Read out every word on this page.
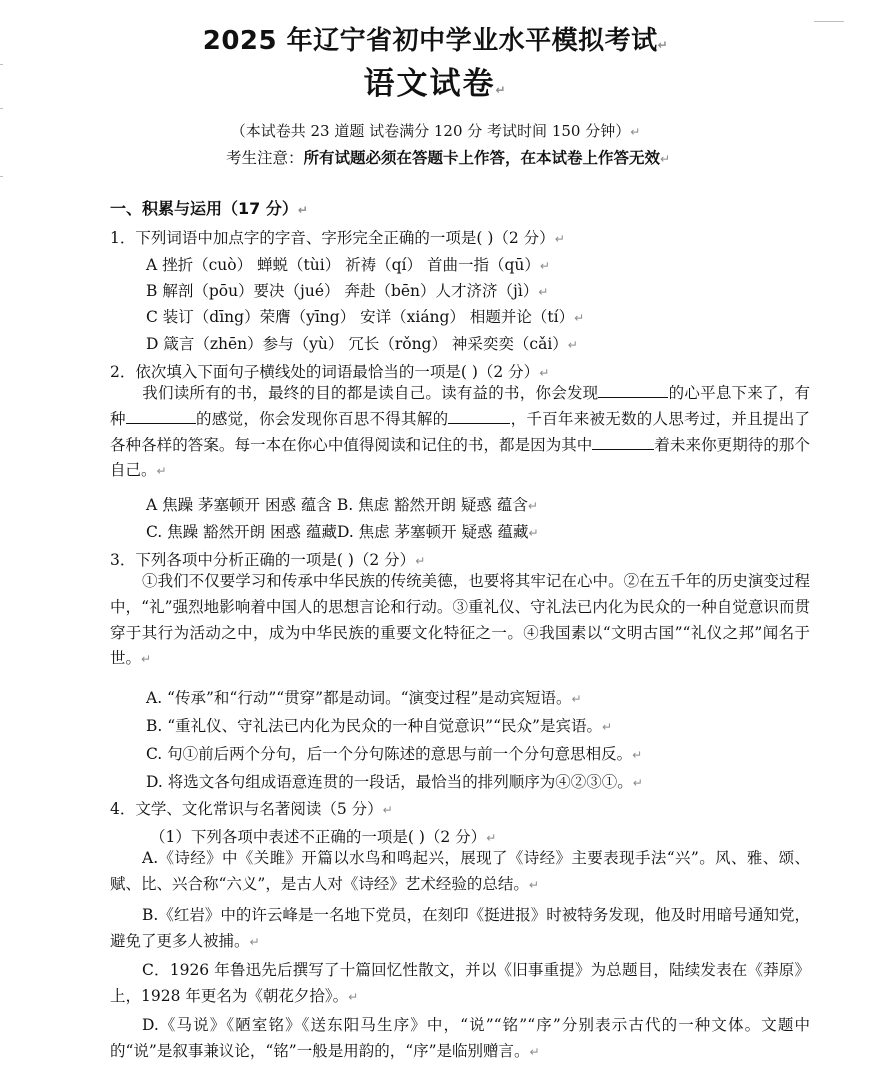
2025 年辽宁省初中学业水平模拟考试↵
语文试卷↵
（本试卷共 23 道题 试卷满分 120 分 考试时间 150 分钟）↵
考生注意：所有试题必须在答题卡上作答，在本试卷上作答无效↵
一、积累与运用（17 分）↵
1．下列词语中加点字的字音、字形完全正确的一项是( )（2 分）↵
A 挫折（cuò） 蝉蜕（tùi） 祈祷（qí） 首曲一指（qū）↵
B 解剖（pōu）要决（jué） 奔赴（bēn）人才济济（jì）↵
C 装订（dīng）荣膺（yīng） 安详（xiáng） 相题并论（tí）↵
D 箴言（zhēn）参与（yù） 冗长（rǒng） 神采奕奕（cǎi）↵
2．依次填入下面句子横线处的词语最恰当的一项是( )（2 分）↵
我们读所有的书，最终的目的都是读自己。读有益的书，你会发现	的心平息下来了，有种	的感觉，你会发现你百思不得其解的	，千百年来被无数的人思考过，并且提出了各种各样的答案。每一本在你心中值得阅读和记住的书，都是因为其中	着未来你更期待的那个自己。↵
A 焦躁 茅塞顿开 困惑 蕴含 B. 焦虑 豁然开朗 疑惑 蕴含↵
C. 焦躁 豁然开朗 困惑 蕴藏D. 焦虑 茅塞顿开 疑惑 蕴藏↵
3．下列各项中分析正确的一项是( )（2 分）↵
①我们不仅要学习和传承中华民族的传统美德，也要将其牢记在心中。②在五千年的历史演变过程中，“礼”强烈地影响着中国人的思想言论和行动。③重礼仪、守礼法已内化为民众的一种自觉意识而贯穿于其行为活动之中，成为中华民族的重要文化特征之一。④我国素以“文明古国”“礼仪之邦”闻名于世。↵
A. “传承”和“行动”“贯穿”都是动词。“演变过程”是动宾短语。↵
B. “重礼仪、守礼法已内化为民众的一种自觉意识”“民众”是宾语。↵
C. 句①前后两个分句，后一个分句陈述的意思与前一个分句意思相反。↵
D. 将选文各句组成语意连贯的一段话，最恰当的排列顺序为④②③①。↵
4．文学、文化常识与名著阅读（5 分）↵
（1）下列各项中表述不正确的一项是( )（2 分）↵
A.《诗经》中《关雎》开篇以水鸟和鸣起兴，展现了《诗经》主要表现手法“兴”。风、雅、颂、赋、比、兴合称“六义”，是古人对《诗经》艺术经验的总结。↵
B.《红岩》中的许云峰是一名地下党员，在刻印《挺进报》时被特务发现，他及时用暗号通知党，避免了更多人被捕。↵
C．1926 年鲁迅先后撰写了十篇回忆性散文，并以《旧事重提》为总题目，陆续发表在《莽原》上，1928 年更名为《朝花夕拾》。↵
D.《马说》《陋室铭》《送东阳马生序》中，“说”“铭”“序”分别表示古代的一种文体。文题中的“说”是叙事兼议论，“铭”一般是用韵的，“序”是临别赠言。↵
